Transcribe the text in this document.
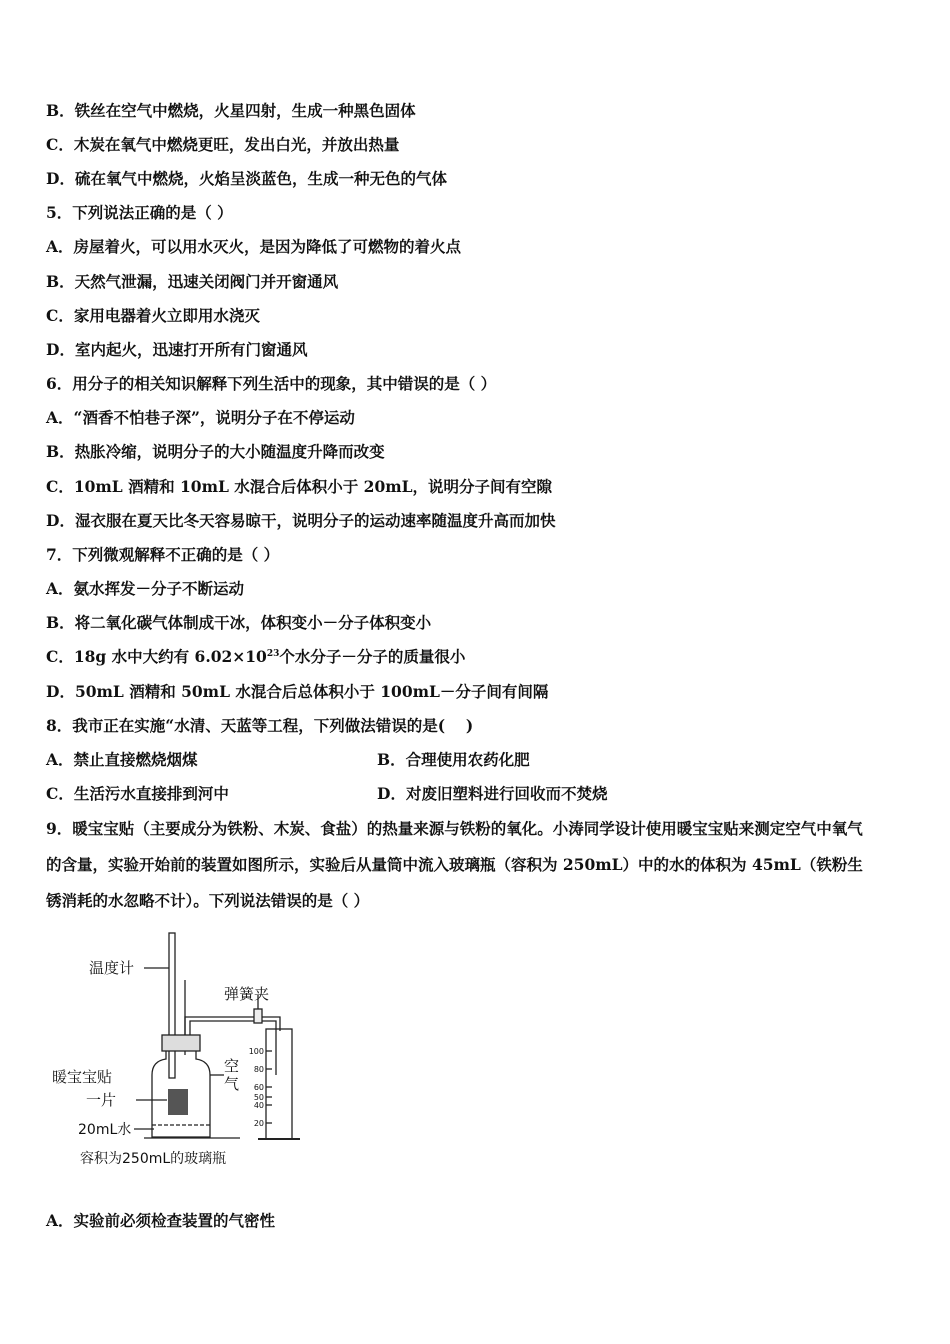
B．铁丝在空气中燃烧，火星四射，生成一种黑色固体
C．木炭在氧气中燃烧更旺，发出白光，并放出热量
D．硫在氧气中燃烧，火焰呈淡蓝色，生成一种无色的气体
5．下列说法正确的是（ ）
A．房屋着火，可以用水灭火，是因为降低了可燃物的着火点
B．天然气泄漏，迅速关闭阀门并开窗通风
C．家用电器着火立即用水浇灭
D．室内起火，迅速打开所有门窗通风
6．用分子的相关知识解释下列生活中的现象，其中错误的是（ ）
A．“酒香不怕巷子深”，说明分子在不停运动
B．热胀冷缩，说明分子的大小随温度升降而改变
C．10mL 酒精和 10mL 水混合后体积小于 20mL，说明分子间有空隙
D．湿衣服在夏天比冬天容易晾干，说明分子的运动速率随温度升高而加快
7．下列微观解释不正确的是（ ）
A．氨水挥发－分子不断运动
B．将二氧化碳气体制成干冰，体积变小－分子体积变小
C．18g 水中大约有 $6.02\times 10^{23}$个水分子－分子的质量很小
D．50mL 酒精和 50mL 水混合后总体积小于 100mL－分子间有间隔
8．我市正在实施“水清、天蓝等工程，下列做法错误的是(　 )
A．禁止直接燃烧烟煤	B．合理使用农药化肥
C．生活污水直接排到河中	D．对废旧塑料进行回收而不焚烧
9．暖宝宝贴（主要成分为铁粉、木炭、食盐）的热量来源与铁粉的氧化。小涛同学设计使用暖宝宝贴来测定空气中氧气
的含量，实验开始前的装置如图所示，实验后从量筒中流入玻璃瓶（容积为 250mL）中的水的体积为 45mL（铁粉生
锈消耗的水忽略不计）。下列说法错误的是（ ）
温度计
弹簧夹
空
气
暖宝宝贴
一片
20mL水
容积为250mL的玻璃瓶
100
80
60
50
40
20
A．实验前必须检查装置的气密性
